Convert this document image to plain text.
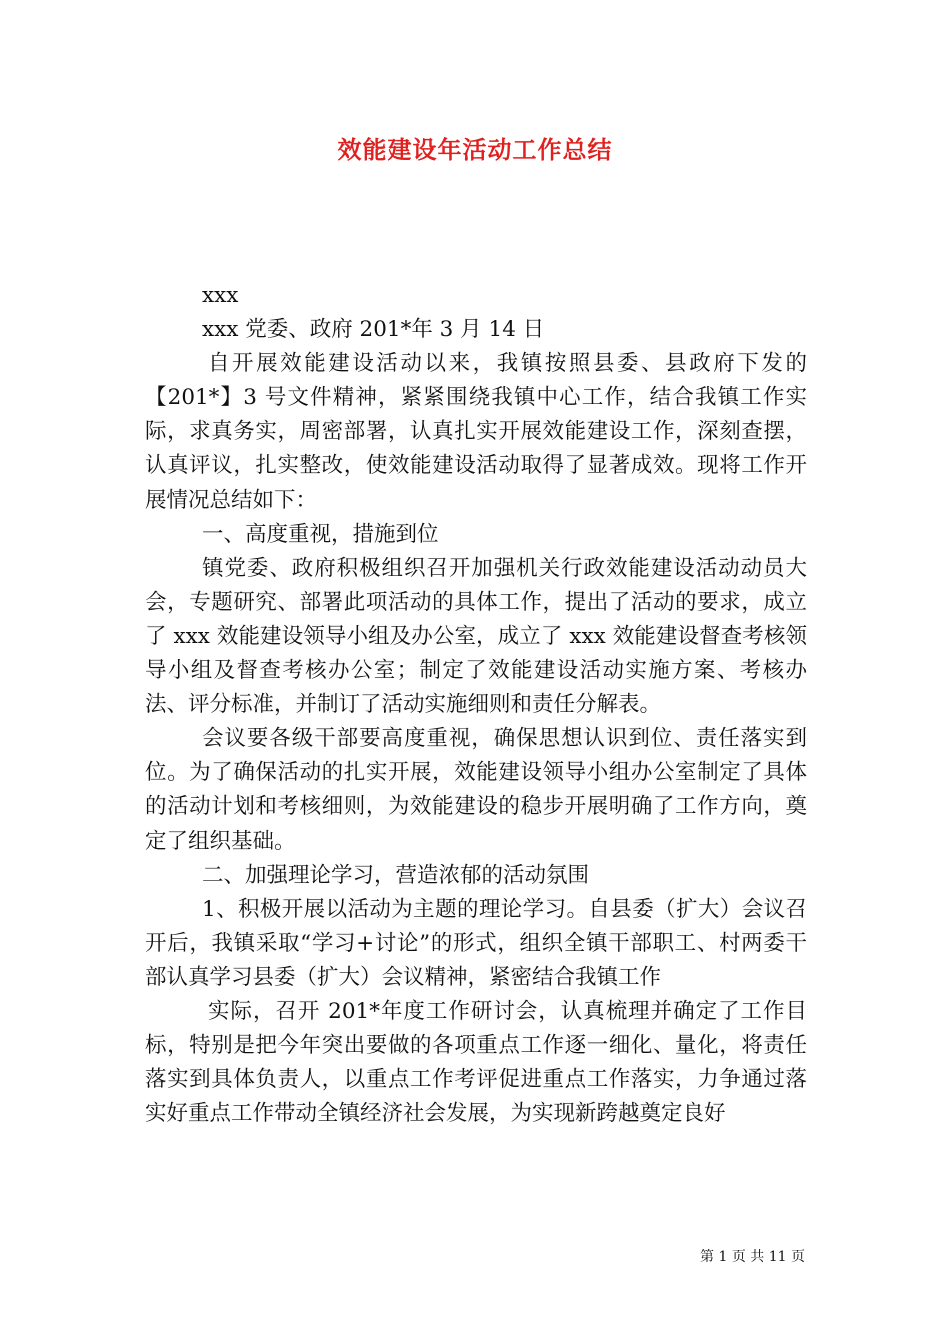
效能建设年活动工作总结

xxx

xxx 党委、政府 201*年 3 月 14 日

自开展效能建设活动以来，我镇按照县委、县政府下发的【201*】3 号文件精神，紧紧围绕我镇中心工作，结合我镇工作实际，求真务实，周密部署，认真扎实开展效能建设工作，深刻查摆，认真评议，扎实整改，使效能建设活动取得了显著成效。现将工作开展情况总结如下：

一、高度重视，措施到位

镇党委、政府积极组织召开加强机关行政效能建设活动动员大会，专题研究、部署此项活动的具体工作，提出了活动的要求，成立了 xxx 效能建设领导小组及办公室，成立了 xxx 效能建设督查考核领导小组及督查考核办公室；制定了效能建设活动实施方案、考核办法、评分标准，并制订了活动实施细则和责任分解表。

会议要各级干部要高度重视，确保思想认识到位、责任落实到位。为了确保活动的扎实开展，效能建设领导小组办公室制定了具体的活动计划和考核细则，为效能建设的稳步开展明确了工作方向，奠定了组织基础。

二、加强理论学习，营造浓郁的活动氛围

1、积极开展以活动为主题的理论学习。自县委（扩大）会议召开后，我镇采取“学习+讨论”的形式，组织全镇干部职工、村两委干部认真学习县委（扩大）会议精神，紧密结合我镇工作

实际，召开 201*年度工作研讨会，认真梳理并确定了工作目标，特别是把今年突出要做的各项重点工作逐一细化、量化，将责任落实到具体负责人，以重点工作考评促进重点工作落实，力争通过落实好重点工作带动全镇经济社会发展，为实现新跨越奠定良好

第 1 页 共 11 页
